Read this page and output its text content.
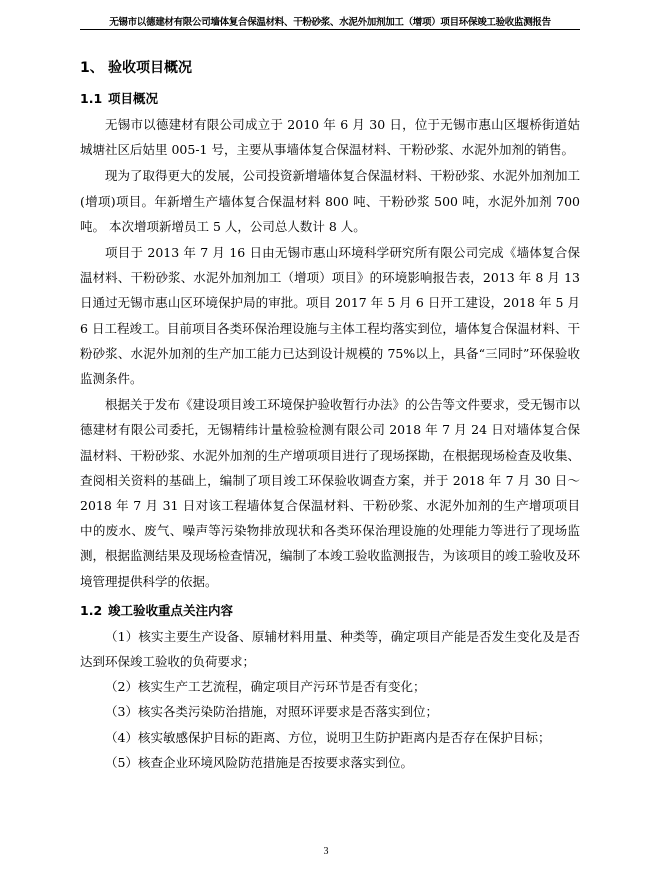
无锡市以德建材有限公司墙体复合保温材料、干粉砂浆、水泥外加剂加工（增项）项目环保竣工验收监测报告
1、 验收项目概况
1.1 项目概况

无锡市以德建材有限公司成立于 2010 年 6 月 30 日，位于无锡市惠山区堰桥街道姑城塘社区后姑里 005-1 号，主要从事墙体复合保温材料、干粉砂浆、水泥外加剂的销售。

现为了取得更大的发展，公司投资新增墙体复合保温材料、干粉砂浆、水泥外加剂加工(增项)项目。年新增生产墙体复合保温材料 800 吨、干粉砂浆 500 吨，水泥外加剂 700 吨。 本次增项新增员工 5 人，公司总人数计 8 人。

项目于 2013 年 7 月 16 日由无锡市惠山环境科学研究所有限公司完成《墙体复合保温材料、干粉砂浆、水泥外加剂加工（增项）项目》的环境影响报告表，2013 年 8 月 13 日通过无锡市惠山区环境保护局的审批。项目 2017 年 5 月 6 日开工建设，2018 年 5 月 6 日工程竣工。目前项目各类环保治理设施与主体工程均落实到位，墙体复合保温材料、干粉砂浆、水泥外加剂的生产加工能力已达到设计规模的 75%以上，具备“三同时”环保验收监测条件。

根据关于发布《建设项目竣工环境保护验收暂行办法》的公告等文件要求，受无锡市以德建材有限公司委托，无锡精纬计量检验检测有限公司 2018 年 7 月 24 日对墙体复合保温材料、干粉砂浆、水泥外加剂的生产增项项目进行了现场探勘，在根据现场检查及收集、查阅相关资料的基础上，编制了项目竣工环保验收调查方案，并于 2018 年 7 月 30 日～2018 年 7 月 31 日对该工程墙体复合保温材料、干粉砂浆、水泥外加剂的生产增项项目中的废水、废气、噪声等污染物排放现状和各类环保治理设施的处理能力等进行了现场监测，根据监测结果及现场检查情况，编制了本竣工验收监测报告，为该项目的竣工验收及环境管理提供科学的依据。

1.2 竣工验收重点关注内容

（1）核实主要生产设备、原辅材料用量、种类等，确定项目产能是否发生变化及是否达到环保竣工验收的负荷要求；

（2）核实生产工艺流程，确定项目产污环节是否有变化；

（3）核实各类污染防治措施，对照环评要求是否落实到位；

（4）核实敏感保护目标的距离、方位，说明卫生防护距离内是否存在保护目标；

（5）核查企业环境风险防范措施是否按要求落实到位。

3
